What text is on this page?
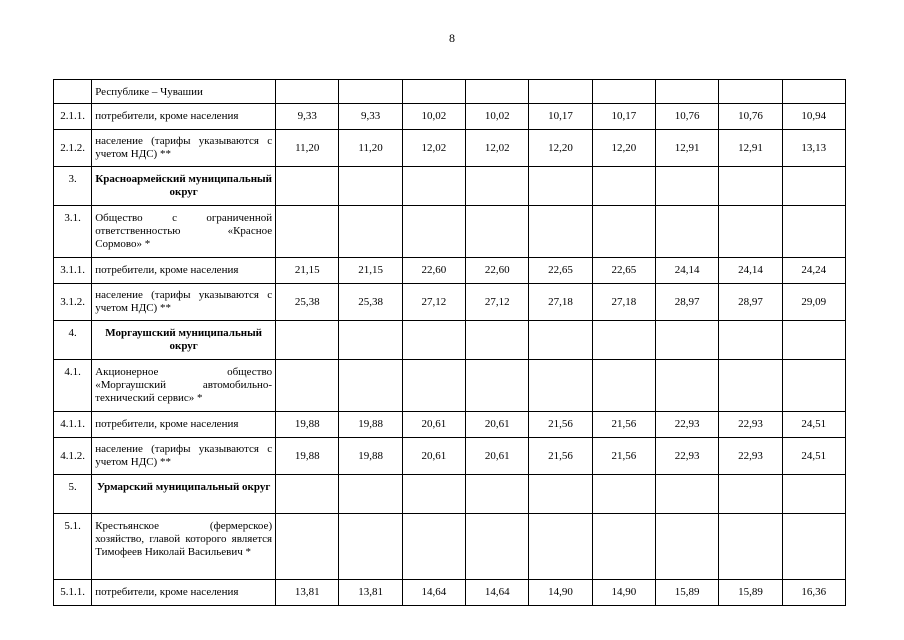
8
	Республике – Чувашии									
2.1.1.	потребители, кроме населения	9,33	9,33	10,02	10,02	10,17	10,17	10,76	10,76	10,94
2.1.2.	население (тарифы указываются с учетом НДС) **	11,20	11,20	12,02	12,02	12,20	12,20	12,91	12,91	13,13
3.	Красноармейский муниципальный округ									
3.1.	Общество с ограниченной ответственностью «Красное Сормово» *									
3.1.1.	потребители, кроме населения	21,15	21,15	22,60	22,60	22,65	22,65	24,14	24,14	24,24
3.1.2.	население (тарифы указываются с учетом НДС) **	25,38	25,38	27,12	27,12	27,18	27,18	28,97	28,97	29,09
4.	Моргаушский муниципальный округ									
4.1.	Акционерное общество «Моргаушский автомобильно-технический сервис» *									
4.1.1.	потребители, кроме населения	19,88	19,88	20,61	20,61	21,56	21,56	22,93	22,93	24,51
4.1.2.	население (тарифы указываются с учетом НДС) **	19,88	19,88	20,61	20,61	21,56	21,56	22,93	22,93	24,51
5.	Урмарский муниципальный округ									
5.1.	Крестьянское (фермерское) хозяйство, главой которого является Тимофеев Николай Васильевич *									
5.1.1.	потребители, кроме населения	13,81	13,81	14,64	14,64	14,90	14,90	15,89	15,89	16,36
